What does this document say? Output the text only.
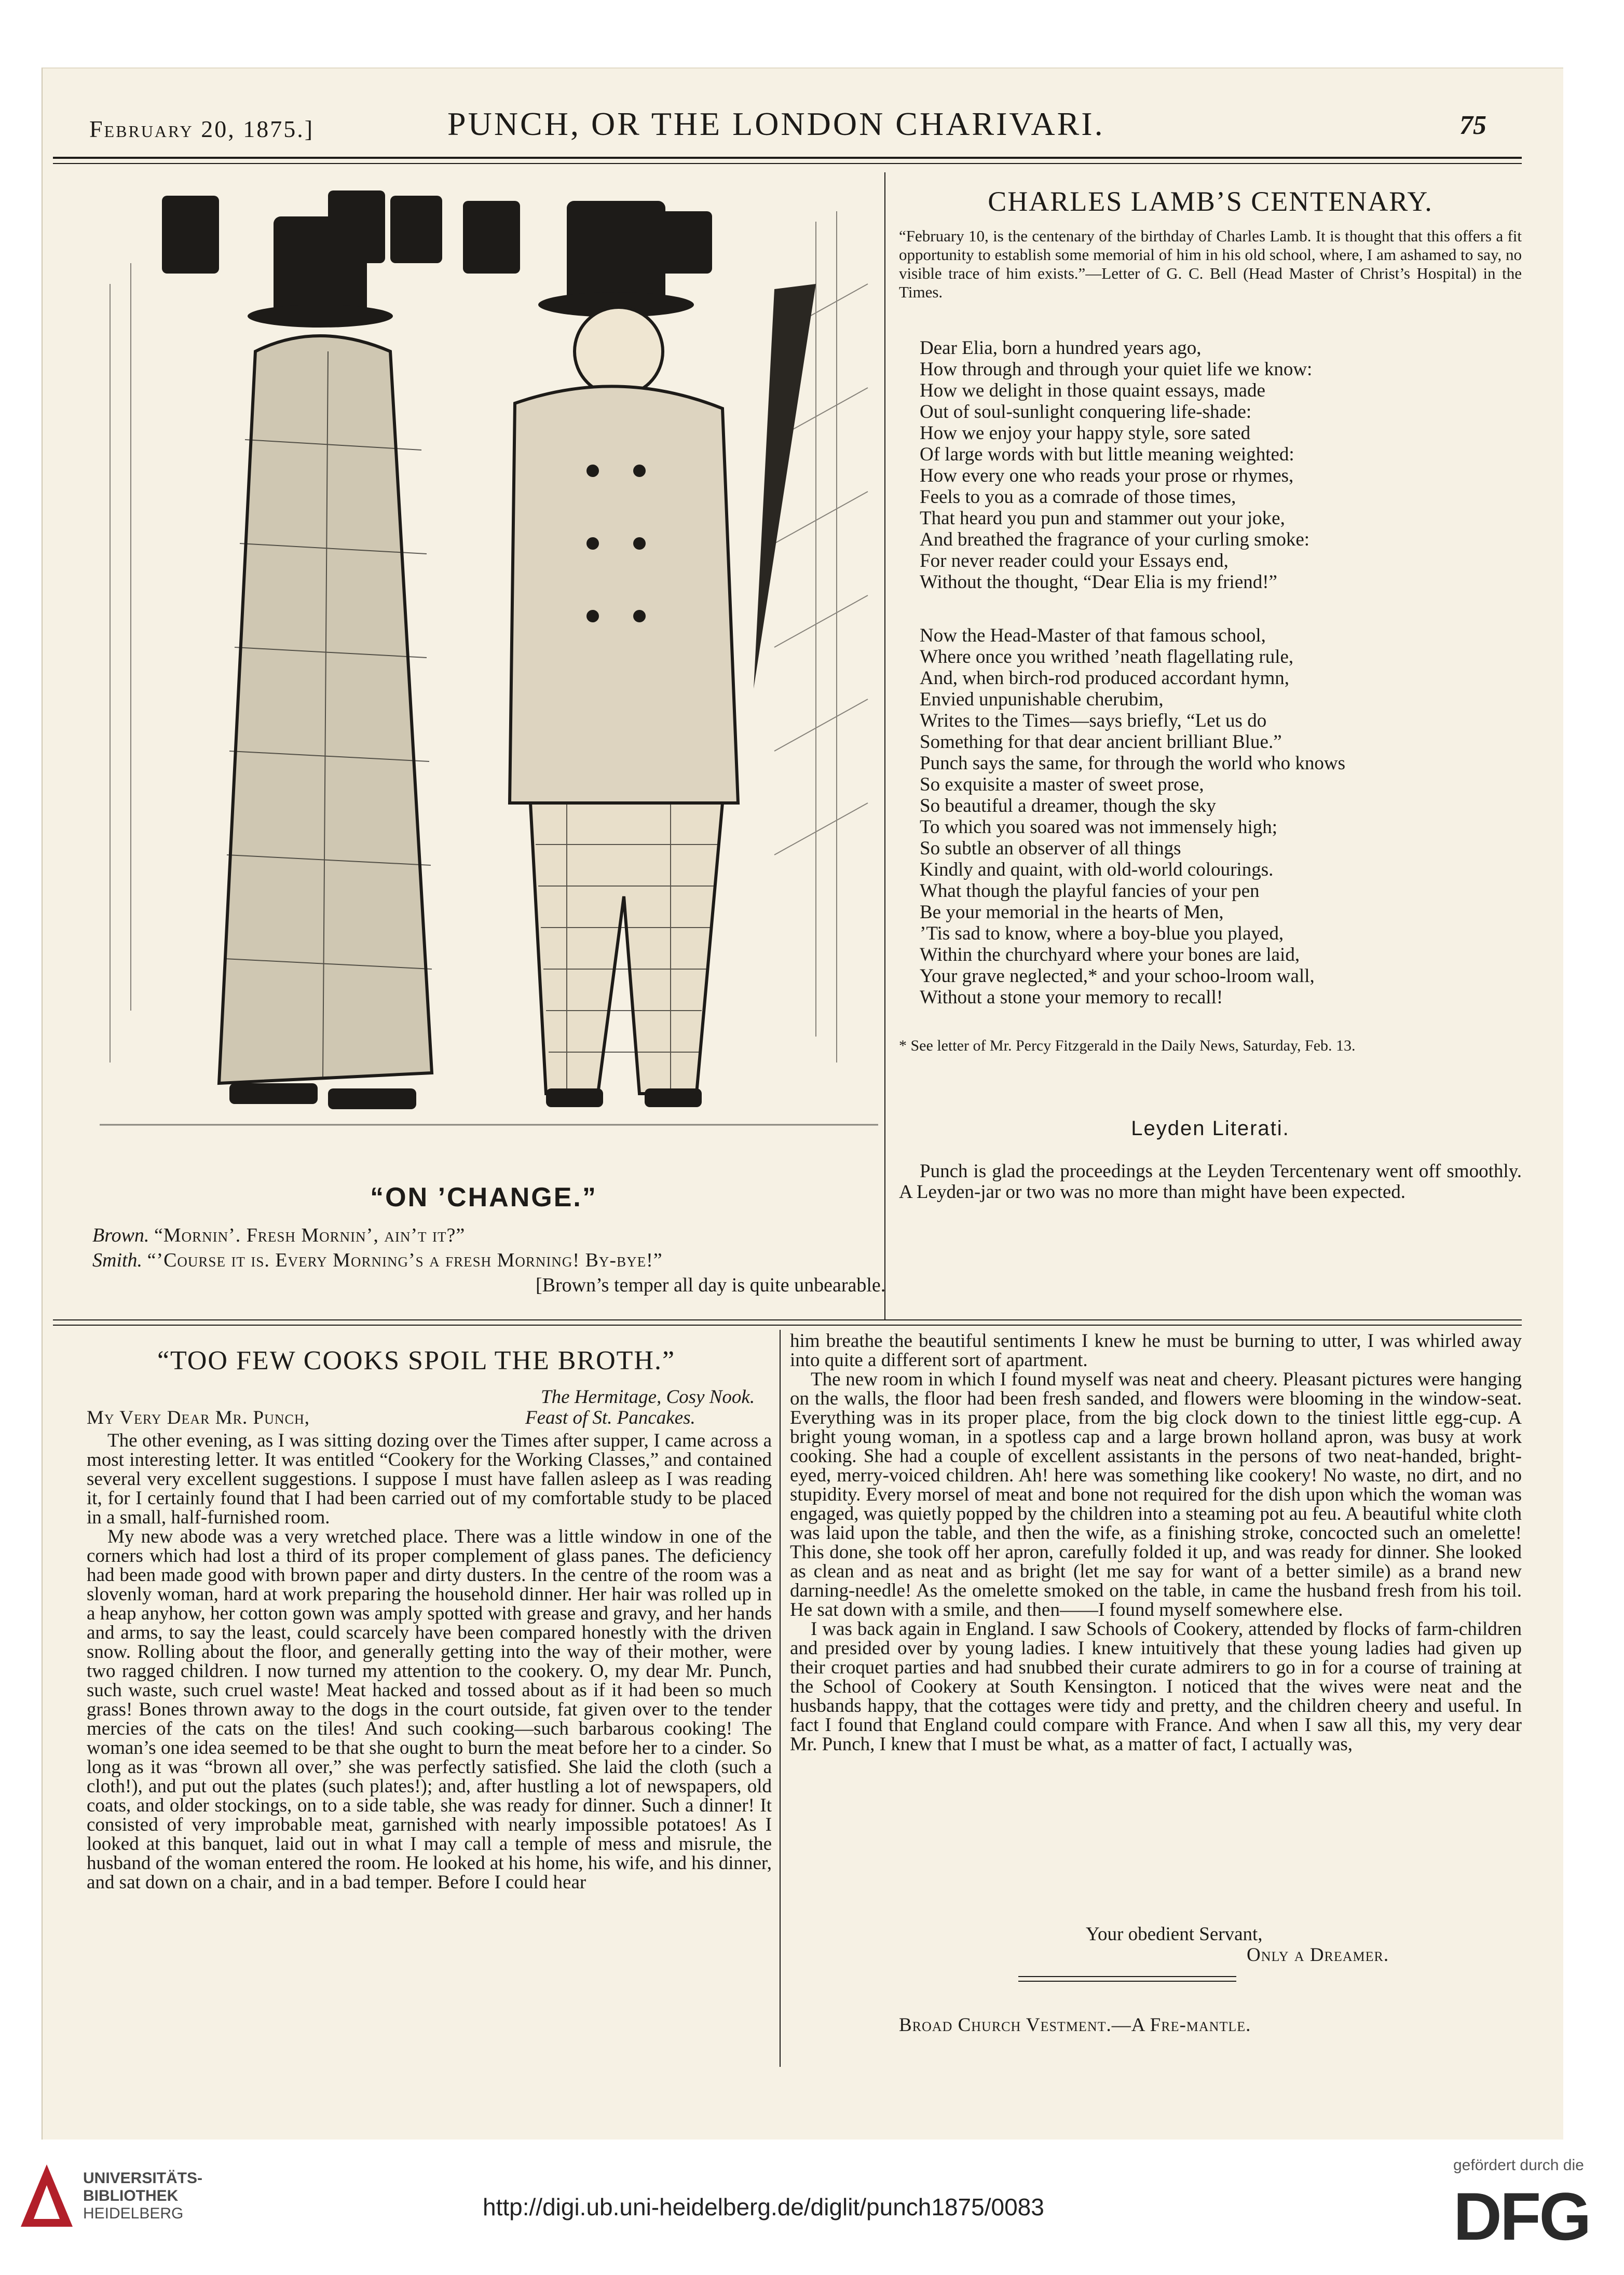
February 20, 1875.]	PUNCH, OR THE LONDON CHARIVARI.	75
“ON ’CHANGE.”
Brown. “Mornin’. Fresh Mornin’, ain’t it?”
Smith. “’Course it is. Every Morning’s a fresh Morning! By-bye!”
[Brown’s temper all day is quite unbearable.
CHARLES LAMB’S CENTENARY.
“February 10, is the centenary of the birthday of Charles Lamb. It is thought that this offers a fit opportunity to establish some memorial of him in his old school, where, I am ashamed to say, no visible trace of him exists.”—Letter of G. C. Bell (Head Master of Christ’s Hospital) in the Times.
Dear Elia, born a hundred years ago,
How through and through your quiet life we know:
How we delight in those quaint essays, made
Out of soul-sunlight conquering life-shade:
How we enjoy your happy style, sore sated
Of large words with but little meaning weighted:
How every one who reads your prose or rhymes,
Feels to you as a comrade of those times,
That heard you pun and stammer out your joke,
And breathed the fragrance of your curling smoke:
For never reader could your Essays end,
Without the thought, “Dear Elia is my friend!”
Now the Head-Master of that famous school,
Where once you writhed ’neath flagellating rule,
And, when birch-rod produced accordant hymn,
Envied unpunishable cherubim,
Writes to the Times—says briefly, “Let us do
Something for that dear ancient brilliant Blue.”
Punch says the same, for through the world who knows
So exquisite a master of sweet prose,
So beautiful a dreamer, though the sky
To which you soared was not immensely high;
So subtle an observer of all things
Kindly and quaint, with old-world colourings.
What though the playful fancies of your pen
Be your memorial in the hearts of Men,
’Tis sad to know, where a boy-blue you played,
Within the churchyard where your bones are laid,
Your grave neglected,* and your schoo-lroom wall,
Without a stone your memory to recall!
* See letter of Mr. Percy Fitzgerald in the Daily News, Saturday, Feb. 13.
Leyden Literati.

Punch is glad the proceedings at the Leyden Tercentenary went off smoothly. A Leyden-jar or two was no more than might have been expected.

“TOO FEW COOKS SPOIL THE BROTH.”
The Hermitage, Cosy Nook.
My Very Dear Mr. Punch,	Feast of St. Pancakes.

The other evening, as I was sitting dozing over the Times after supper, I came across a most interesting letter. It was entitled “Cookery for the Working Classes,” and contained several very excellent suggestions. I suppose I must have fallen asleep as I was reading it, for I certainly found that I had been carried out of my comfortable study to be placed in a small, half-furnished room.

My new abode was a very wretched place. There was a little window in one of the corners which had lost a third of its proper complement of glass panes. The deficiency had been made good with brown paper and dirty dusters. In the centre of the room was a slovenly woman, hard at work preparing the household dinner. Her hair was rolled up in a heap anyhow, her cotton gown was amply spotted with grease and gravy, and her hands and arms, to say the least, could scarcely have been compared honestly with the driven snow. Rolling about the floor, and generally getting into the way of their mother, were two ragged children. I now turned my attention to the cookery. O, my dear Mr. Punch, such waste, such cruel waste! Meat hacked and tossed about as if it had been so much grass! Bones thrown away to the dogs in the court outside, fat given over to the tender mercies of the cats on the tiles! And such cooking—such barbarous cooking! The woman’s one idea seemed to be that she ought to burn the meat before her to a cinder. So long as it was “brown all over,” she was perfectly satisfied. She laid the cloth (such a cloth!), and put out the plates (such plates!); and, after hustling a lot of newspapers, old coats, and older stockings, on to a side table, she was ready for dinner. Such a dinner! It consisted of very improbable meat, garnished with nearly impossible potatoes! As I looked at this banquet, laid out in what I may call a temple of mess and misrule, the husband of the woman entered the room. He looked at his home, his wife, and his dinner, and sat down on a chair, and in a bad temper. Before I could hear

him breathe the beautiful sentiments I knew he must be burning to utter, I was whirled away into quite a different sort of apartment.

The new room in which I found myself was neat and cheery. Pleasant pictures were hanging on the walls, the floor had been fresh sanded, and flowers were blooming in the window-seat. Everything was in its proper place, from the big clock down to the tiniest little egg-cup. A bright young woman, in a spotless cap and a large brown holland apron, was busy at work cooking. She had a couple of excellent assistants in the persons of two neat-handed, bright-eyed, merry-voiced children. Ah! here was something like cookery! No waste, no dirt, and no stupidity. Every morsel of meat and bone not required for the dish upon which the woman was engaged, was quietly popped by the children into a steaming pot au feu. A beautiful white cloth was laid upon the table, and then the wife, as a finishing stroke, concocted such an omelette! This done, she took off her apron, carefully folded it up, and was ready for dinner. She looked as clean and as neat and as bright (let me say for want of a better simile) as a brand new darning-needle! As the omelette smoked on the table, in came the husband fresh from his toil. He sat down with a smile, and then——I found myself somewhere else.

I was back again in England. I saw Schools of Cookery, attended by flocks of farm-children and presided over by young ladies. I knew intuitively that these young ladies had given up their croquet parties and had snubbed their curate admirers to go in for a course of training at the School of Cookery at South Kensington. I noticed that the wives were neat and the husbands happy, that the cottages were tidy and pretty, and the children cheery and useful. In fact I found that England could compare with France. And when I saw all this, my very dear Mr. Punch, I knew that I must be what, as a matter of fact, I actually was,

Your obedient Servant,
Only a Dreamer.
Broad Church Vestment.—A Fre-mantle.
UNIVERSITÄTS-
BIBLIOTHEK
HEIDELBERG	http://digi.ub.uni-heidelberg.de/diglit/punch1875/0083
gefördert durch die
DFG
